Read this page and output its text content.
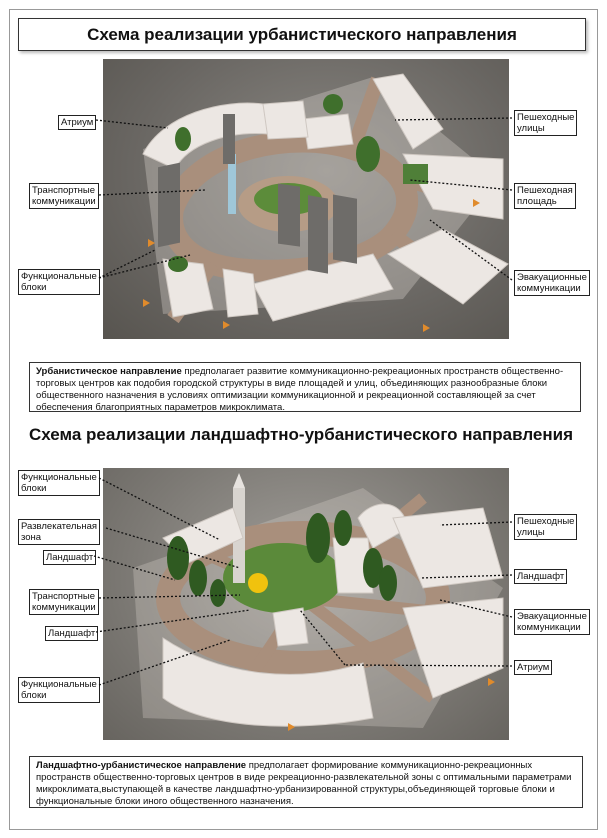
Схема реализации урбанистического направления
Атриум
Транспортные
коммуникации
Функциональные
блоки
Пешеходные
улицы
Пешеходная
площадь
Эвакуационные
коммуникации
Урбанистическое направление предполагает развитие коммуникационно-рекреационных пространств общественно-торговых центров как подобия городской структуры в виде площадей и улиц, объединяющих разнообразные блоки общественного назначения в условиях оптимизации коммуникационной и рекреационной составляющей за счет обеспечения благоприятных параметров микроклимата.
Схема реализации ландшафтно-урбанистического направления
Функциональные
блоки
Развлекательная
зона
Ландшафт
Транспортные
коммуникации
Ландшафт
Функциональные
блоки
Пешеходные
улицы
Ландшафт
Эвакуационные
коммуникации
Атриум
Ландшафтно-урбанистическое направление предполагает формирование коммуникационно-рекреационных пространств общественно-торговых центров в виде рекреационно-развлекательной зоны с оптимальными параметрами микроклимата,выступающей в качестве ландшафтно-урбанизированной структуры,объединяющей торговые блоки и функциональные блоки иного общественного назначения.
